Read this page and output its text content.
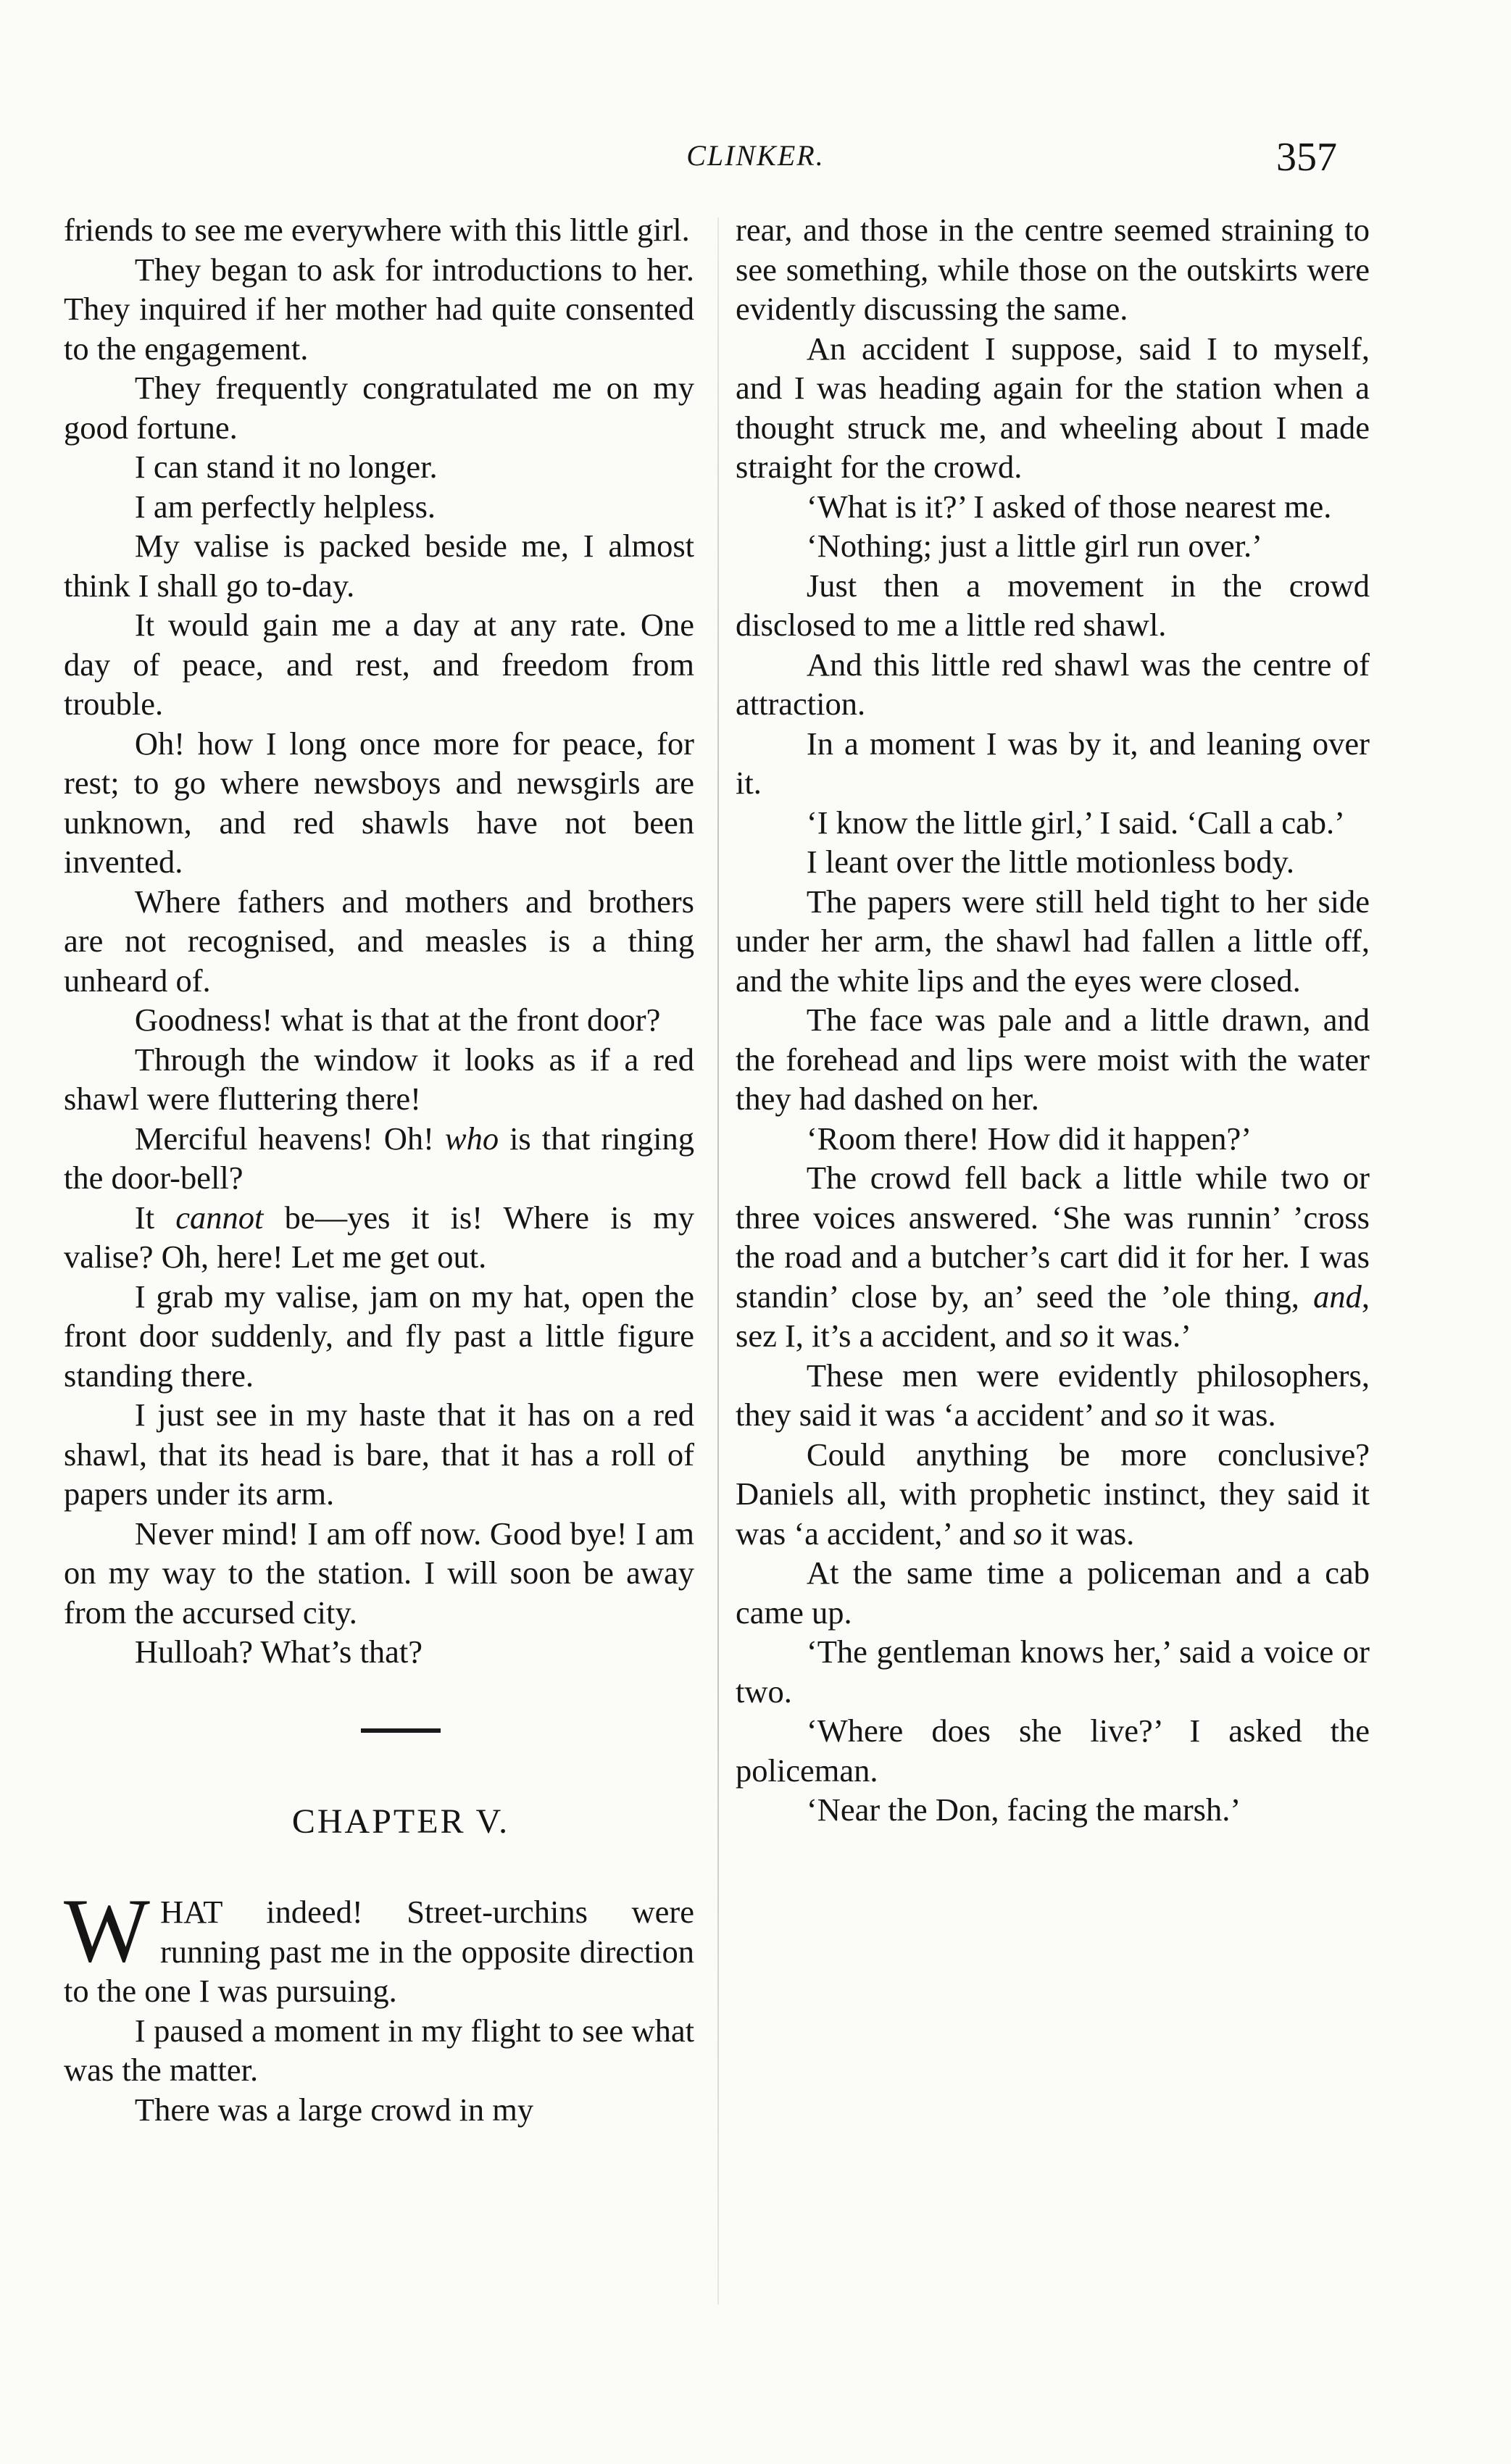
CLINKER.	357

friends to see me everywhere with this little girl.

They began to ask for introductions to her. They inquired if her mother had quite consented to the engagement.

They frequently congratulated me on my good fortune.

I can stand it no longer.

I am perfectly helpless.

My valise is packed beside me, I almost think I shall go to-day.

It would gain me a day at any rate. One day of peace, and rest, and freedom from trouble.

Oh! how I long once more for peace, for rest; to go where newsboys and newsgirls are unknown, and red shawls have not been invented.

Where fathers and mothers and brothers are not recognised, and measles is a thing unheard of.

Goodness! what is that at the front door?

Through the window it looks as if a red shawl were fluttering there!

Merciful heavens! Oh! who is that ringing the door-bell?

It cannot be—yes it is! Where is my valise? Oh, here! Let me get out.

I grab my valise, jam on my hat, open the front door suddenly, and fly past a little figure standing there.

I just see in my haste that it has on a red shawl, that its head is bare, that it has a roll of papers under its arm.

Never mind! I am off now. Good bye! I am on my way to the station. I will soon be away from the accursed city.

Hulloah? What’s that?

CHAPTER V.

WHAT indeed! Street-urchins were running past me in the opposite direction to the one I was pursuing.

I paused a moment in my flight to see what was the matter.

There was a large crowd in my

rear, and those in the centre seemed straining to see something, while those on the outskirts were evidently discussing the same.

An accident I suppose, said I to myself, and I was heading again for the station when a thought struck me, and wheeling about I made straight for the crowd.

‘What is it?’ I asked of those nearest me.

‘Nothing; just a little girl run over.’

Just then a movement in the crowd disclosed to me a little red shawl.

And this little red shawl was the centre of attraction.

In a moment I was by it, and leaning over it.

‘I know the little girl,’ I said. ‘Call a cab.’

I leant over the little motionless body.

The papers were still held tight to her side under her arm, the shawl had fallen a little off, and the white lips and the eyes were closed.

The face was pale and a little drawn, and the forehead and lips were moist with the water they had dashed on her.

‘Room there! How did it happen?’

The crowd fell back a little while two or three voices answered. ‘She was runnin’ ’cross the road and a butcher’s cart did it for her. I was standin’ close by, an’ seed the ’ole thing, and, sez I, it’s a accident, and so it was.’

These men were evidently philosophers, they said it was ‘a accident’ and so it was.

Could anything be more conclusive? Daniels all, with prophetic instinct, they said it was ‘a accident,’ and so it was.

At the same time a policeman and a cab came up.

‘The gentleman knows her,’ said a voice or two.

‘Where does she live?’ I asked the policeman.

‘Near the Don, facing the marsh.’
